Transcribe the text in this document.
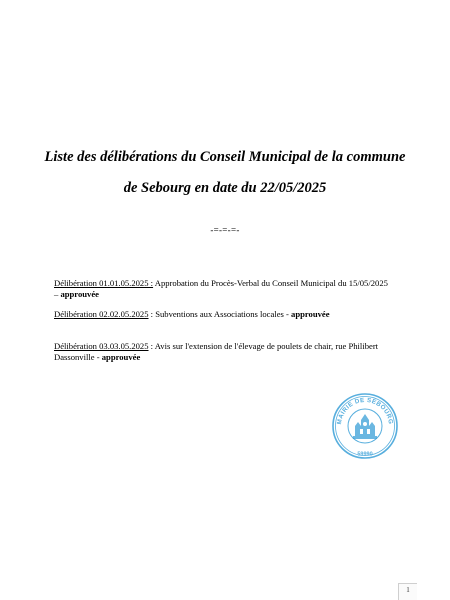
Liste des délibérations du Conseil Municipal de la commune

de Sebourg en date du 22/05/2025

-=-=-=-

Délibération 01.01.05.2025 : Approbation du Procès-Verbal du Conseil Municipal du 15/05/2025 – approuvée

Délibération 02.02.05.2025 : Subventions aux Associations locales - approuvée

Délibération 03.03.05.2025 : Avis sur l'extension de l'élevage de poulets de chair, rue Philibert Dassonville - approuvée

MAIRIE DE SEBOURG
59990
1
